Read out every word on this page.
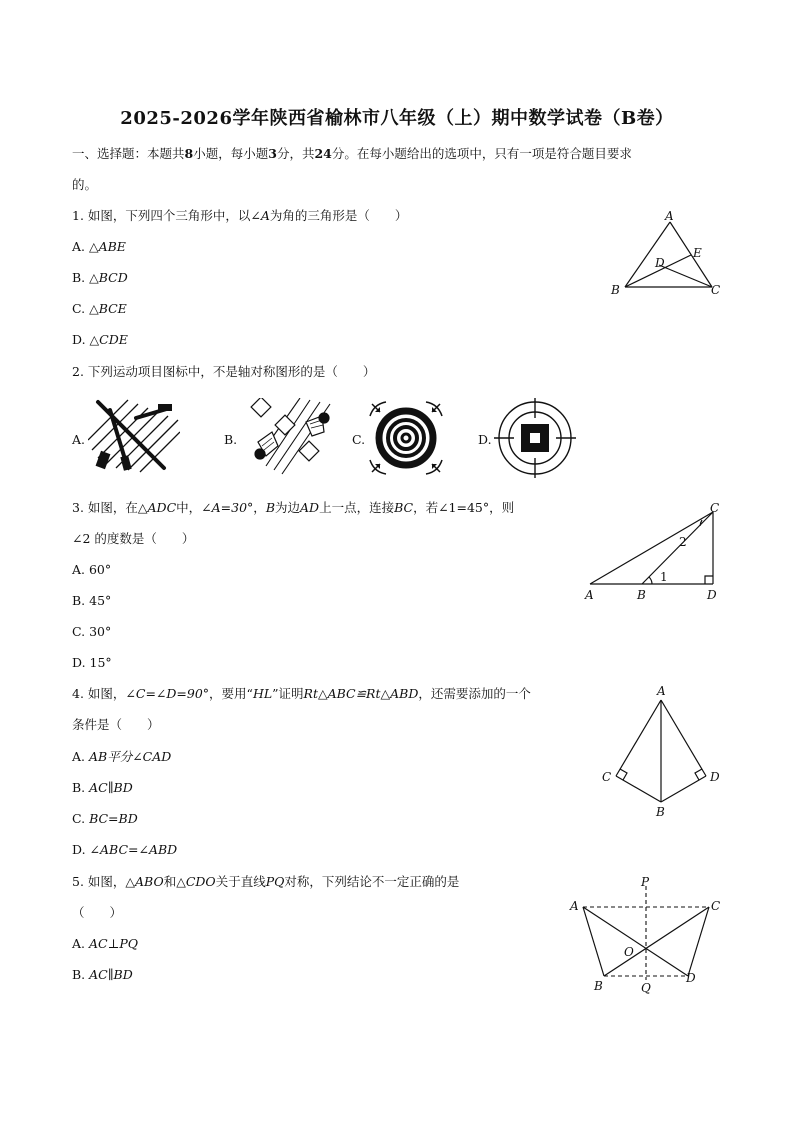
2025-2026学年陕西省榆林市八年级（上）期中数学试卷（B卷）
一、选择题：本题共8小题，每小题3分，共24分。在每小题给出的选项中，只有一项是符合题目要求
的。
1. 如图，下列四个三角形中，以∠A为角的三角形是（　　）
A. △ABE
B. △BCD
C. △BCE
D. △CDE
A
B	C
D
E
2. 下列运动项目图标中，不是轴对称图形的是（　　）
A.	B.	C.	D.
3. 如图，在△ADC中，∠A=30°，B为边AD上一点，连接BC，若∠1=45°，则
∠2 的度数是（　　）
A. 60°
B. 45°
C. 30°
D. 15°
A	B
C
D
1
2
4. 如图，∠C=∠D=90°，要用“HL”证明Rt△ABC≌Rt△ABD，还需要添加的一个
条件是（　　）
A. AB平分∠CAD
B. AC∥BD
C. BC=BD
D. ∠ABC=∠ABD
A
B
C	D
5. 如图，△ABO和△CDO关于直线PQ对称，下列结论不一定正确的是
（　　）
A. AC⊥PQ
B. AC∥BD
P
Q
A	C
B
D
O
